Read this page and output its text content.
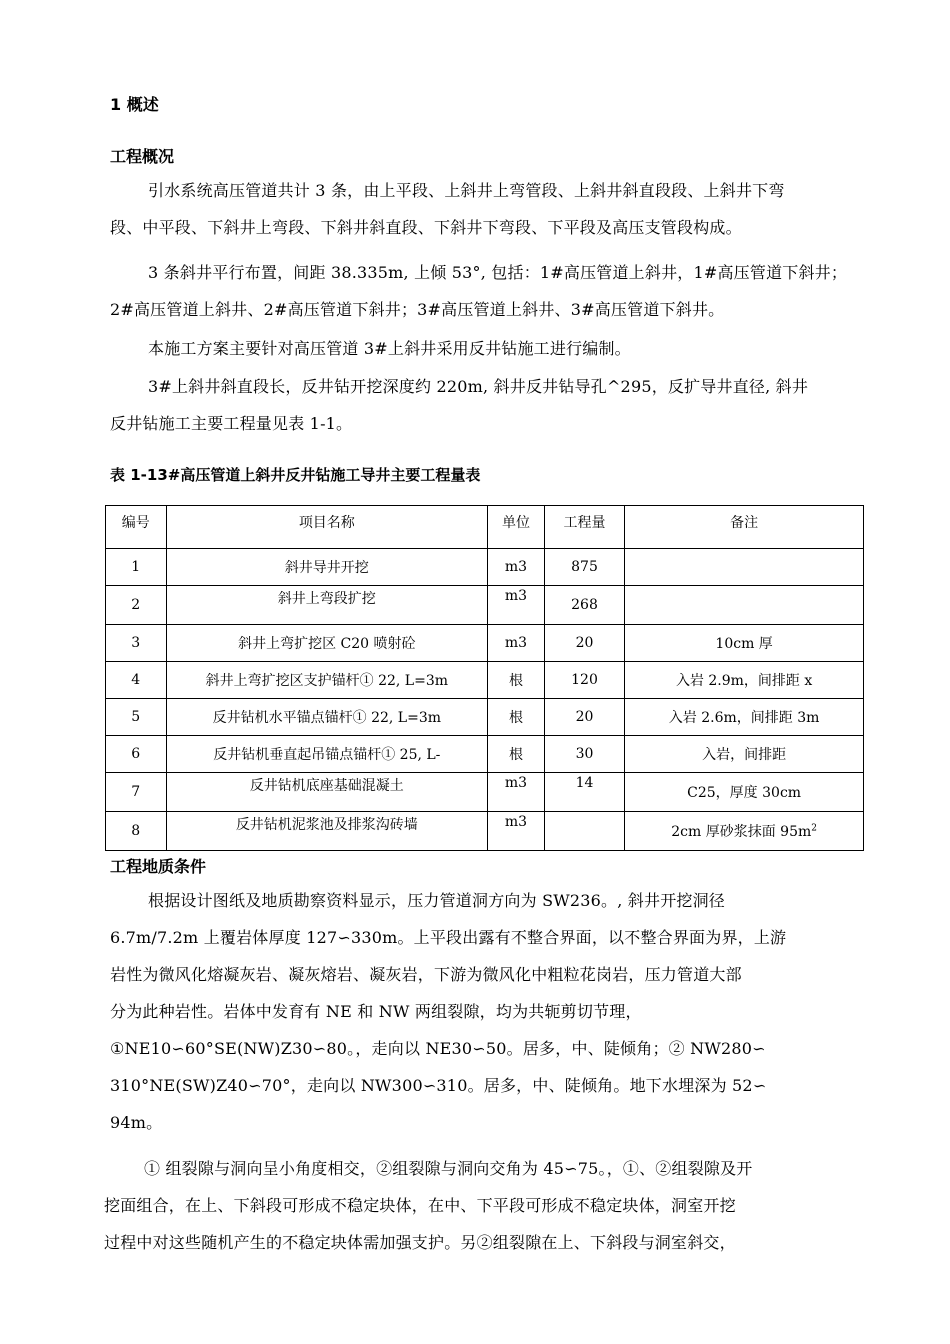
1 概述
工程概况
引水系统高压管道共计 3 条，由上平段、上斜井上弯管段、上斜井斜直段段、上斜井下弯
段、中平段、下斜井上弯段、下斜井斜直段、下斜井下弯段、下平段及高压支管段构成。
3 条斜井平行布置，间距 38.335m, 上倾 53°, 包括：1#高压管道上斜井，1#高压管道下斜井；
2#高压管道上斜井、2#高压管道下斜井；3#高压管道上斜井、3#高压管道下斜井。
本施工方案主要针对高压管道 3#上斜井采用反井钻施工进行编制。
3#上斜井斜直段长，反井钻开挖深度约 220m, 斜井反井钻导孔^295，反扩导井直径, 斜井
反井钻施工主要工程量见表 1-1。
表 1-13#高压管道上斜井反井钻施工导井主要工程量表
编号	项目名称	单位	工程量	备注
1	斜井导井开挖	m3	875	
2	斜井上弯段扩挖	m3	268	
3	斜井上弯扩挖区 C20 喷射砼	m3	20	10cm 厚
4	斜井上弯扩挖区支护锚杆① 22, L=3m	根	120	入岩 2.9m，间排距 x
5	反井钻机水平锚点锚杆① 22, L=3m	根	20	入岩 2.6m，间排距 3m
6	反井钻机垂直起吊锚点锚杆① 25, L-	根	30	入岩，间排距
7	反井钻机底座基础混凝土	m3	14	C25，厚度 30cm
8	反井钻机泥浆池及排浆沟砖墙	m3		2cm 厚砂浆抹面 $95m^2$
工程地质条件
根据设计图纸及地质勘察资料显示，压力管道洞方向为 SW236。, 斜井开挖洞径
6.7m/7.2m 上覆岩体厚度 127∽330m。上平段出露有不整合界面，以不整合界面为界，上游
岩性为微风化熔凝灰岩、凝灰熔岩、凝灰岩，下游为微风化中粗粒花岗岩，压力管道大部
分为此种岩性。岩体中发育有 NE 和 NW 两组裂隙，均为共轭剪切节理，
①NE10∽60°SE(NW)Z30∽80。，走向以 NE30∽50。居多，中、陡倾角；② NW280∽
310°NE(SW)Z40∽70°，走向以 NW300∽310。居多，中、陡倾角。地下水埋深为 52∽
94m。
① 组裂隙与洞向呈小角度相交，②组裂隙与洞向交角为 45∽75。，①、②组裂隙及开
挖面组合，在上、下斜段可形成不稳定块体，在中、下平段可形成不稳定块体，洞室开挖
过程中对这些随机产生的不稳定块体需加强支护。另②组裂隙在上、下斜段与洞室斜交，
